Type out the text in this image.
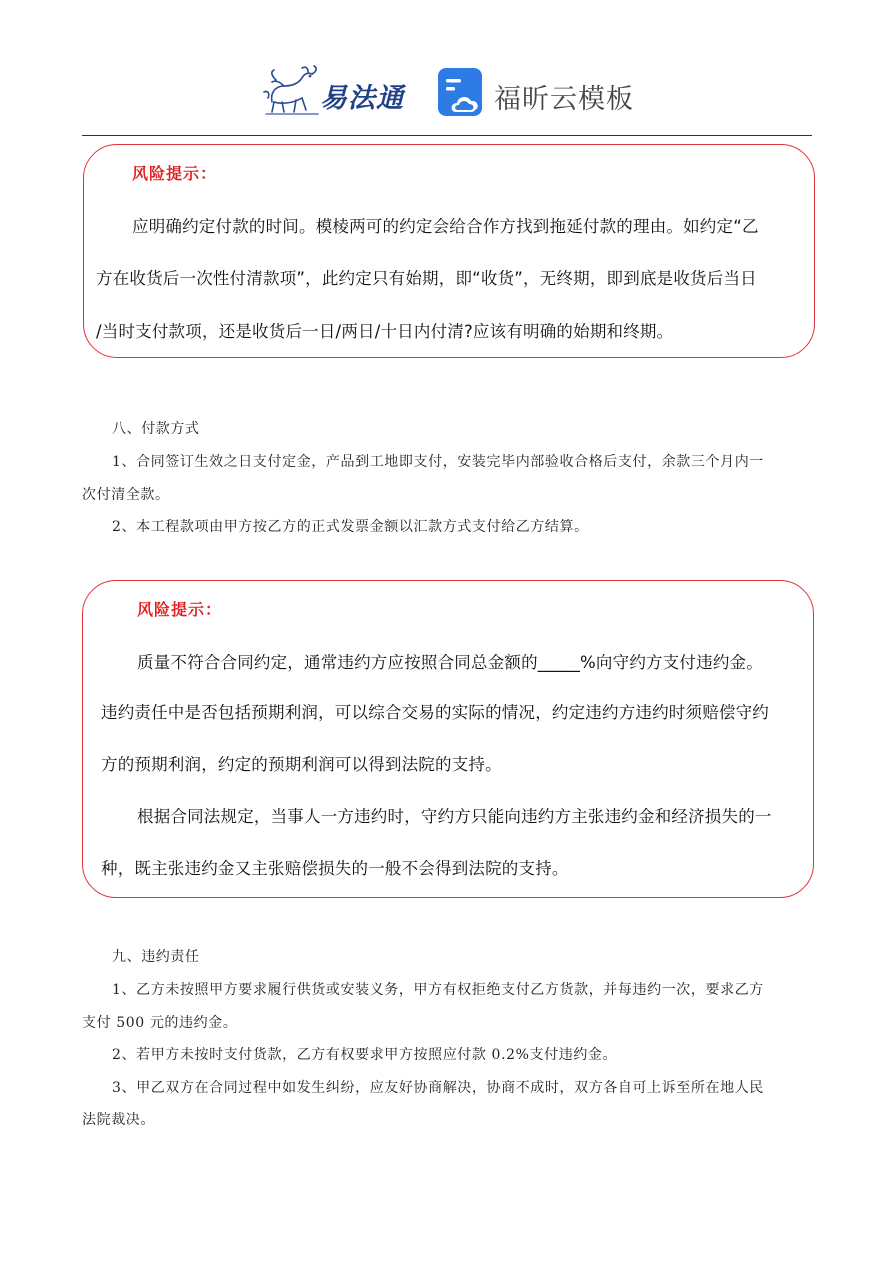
易法通	福昕云模板
风险提示：
应明确约定付款的时间。模棱两可的约定会给合作方找到拖延付款的理由。如约定“乙
方在收货后一次性付清款项”，此约定只有始期，即“收货”，无终期，即到底是收货后当日
/当时支付款项，还是收货后一日/两日/十日内付清?应该有明确的始期和终期。
八、付款方式
1、合同签订生效之日支付定金，产品到工地即支付，安装完毕内部验收合格后支付，余款三个月内一
次付清全款。
2、本工程款项由甲方按乙方的正式发票金额以汇款方式支付给乙方结算。
风险提示：
质量不符合合同约定，通常违约方应按照合同总金额的_____%向守约方支付违约金。
违约责任中是否包括预期利润，可以综合交易的实际的情况，约定违约方违约时须赔偿守约
方的预期利润，约定的预期利润可以得到法院的支持。
根据合同法规定，当事人一方违约时，守约方只能向违约方主张违约金和经济损失的一
种，既主张违约金又主张赔偿损失的一般不会得到法院的支持。
九、违约责任
1、乙方未按照甲方要求履行供货或安装义务，甲方有权拒绝支付乙方货款，并每违约一次，要求乙方
支付 500 元的违约金。
2、若甲方未按时支付货款，乙方有权要求甲方按照应付款 0.2%支付违约金。
3、甲乙双方在合同过程中如发生纠纷，应友好协商解决，协商不成时，双方各自可上诉至所在地人民
法院裁决。
